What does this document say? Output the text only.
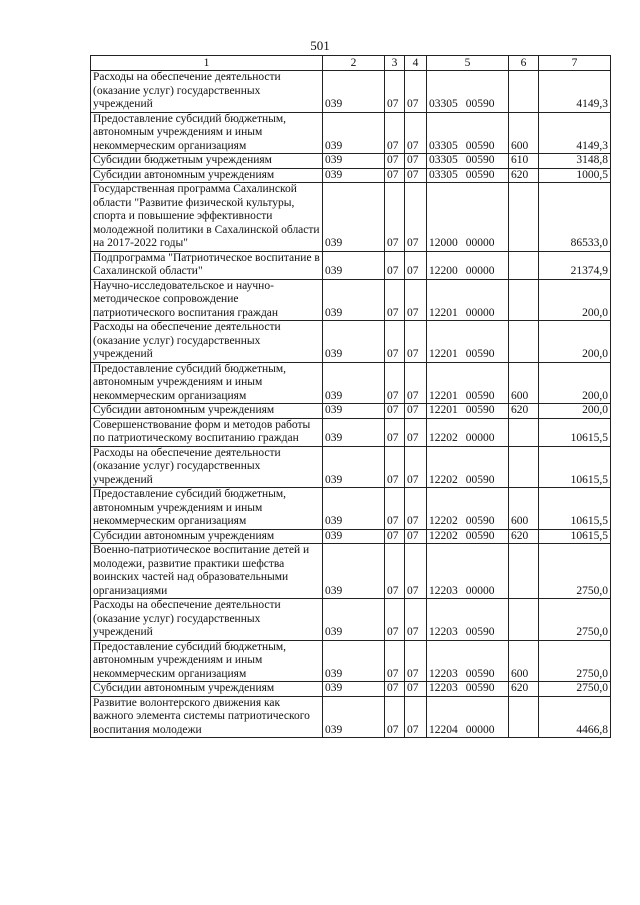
501
1	2	3	4	5	6	7
Расходы на обеспечение деятельности (оказание услуг) государственных учреждений	039	07	07	03305 00590		4149,3
Предоставление субсидий бюджетным, автономным учреждениям и иным некоммерческим организациям	039	07	07	03305 00590	600	4149,3
Субсидии бюджетным учреждениям	039	07	07	03305 00590	610	3148,8
Субсидии автономным учреждениям	039	07	07	03305 00590	620	1000,5
Государственная программа Сахалинской области "Развитие физической культуры, спорта и повышение эффективности молодежной политики в Сахалинской области на 2017-2022 годы"	039	07	07	12000 00000		86533,0
Подпрограмма "Патриотическое воспитание в Сахалинской области"	039	07	07	12200 00000		21374,9
Научно-исследовательское и научно-методическое сопровождение патриотического воспитания граждан	039	07	07	12201 00000		200,0
Расходы на обеспечение деятельности (оказание услуг) государственных учреждений	039	07	07	12201 00590		200,0
Предоставление субсидий бюджетным, автономным учреждениям и иным некоммерческим организациям	039	07	07	12201 00590	600	200,0
Субсидии автономным учреждениям	039	07	07	12201 00590	620	200,0
Совершенствование форм и методов работы по патриотическому воспитанию граждан	039	07	07	12202 00000		10615,5
Расходы на обеспечение деятельности (оказание услуг) государственных учреждений	039	07	07	12202 00590		10615,5
Предоставление субсидий бюджетным, автономным учреждениям и иным некоммерческим организациям	039	07	07	12202 00590	600	10615,5
Субсидии автономным учреждениям	039	07	07	12202 00590	620	10615,5
Военно-патриотическое воспитание детей и молодежи, развитие практики шефства воинских частей над образовательными организациями	039	07	07	12203 00000		2750,0
Расходы на обеспечение деятельности (оказание услуг) государственных учреждений	039	07	07	12203 00590		2750,0
Предоставление субсидий бюджетным, автономным учреждениям и иным некоммерческим организациям	039	07	07	12203 00590	600	2750,0
Субсидии автономным учреждениям	039	07	07	12203 00590	620	2750,0
Развитие волонтерского движения как важного элемента системы патриотического воспитания молодежи	039	07	07	12204 00000		4466,8
